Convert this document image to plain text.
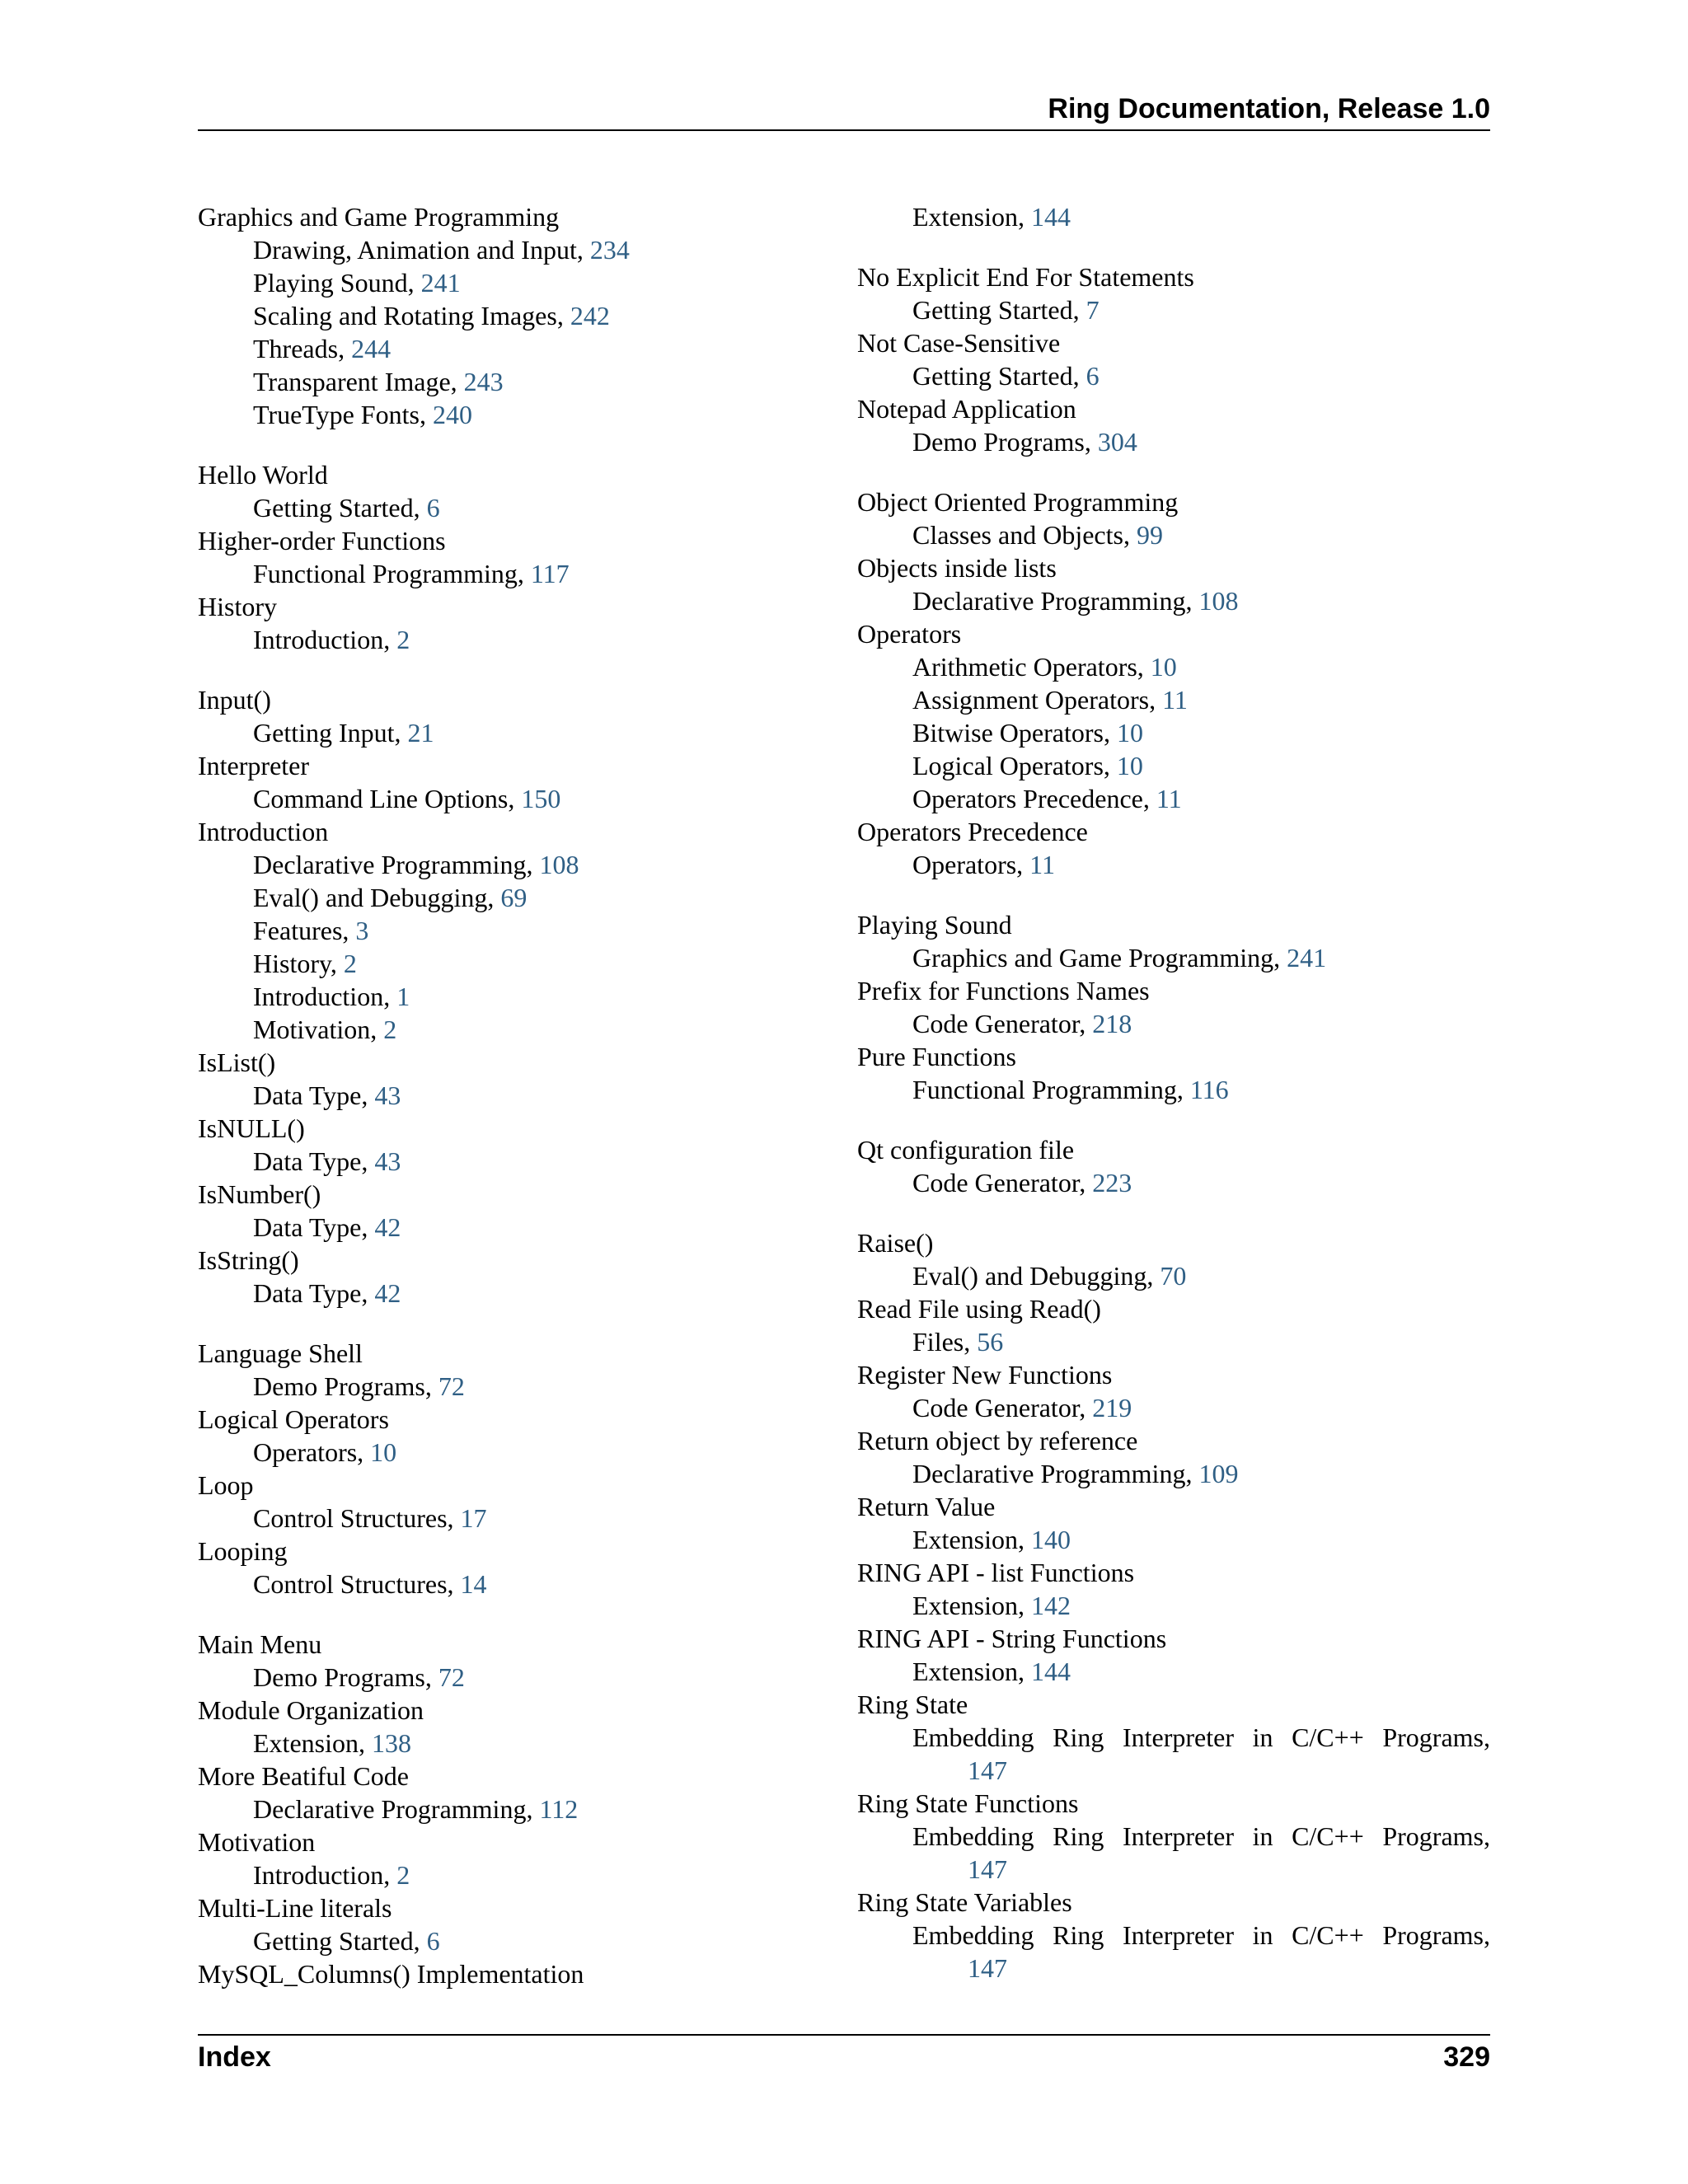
Ring Documentation, Release 1.0
Graphics and Game Programming
Drawing, Animation and Input, 234
Playing Sound, 241
Scaling and Rotating Images, 242
Threads, 244
Transparent Image, 243
TrueType Fonts, 240
Hello World
Getting Started, 6
Higher-order Functions
Functional Programming, 117
History
Introduction, 2
Input()
Getting Input, 21
Interpreter
Command Line Options, 150
Introduction
Declarative Programming, 108
Eval() and Debugging, 69
Features, 3
History, 2
Introduction, 1
Motivation, 2
IsList()
Data Type, 43
IsNULL()
Data Type, 43
IsNumber()
Data Type, 42
IsString()
Data Type, 42
Language Shell
Demo Programs, 72
Logical Operators
Operators, 10
Loop
Control Structures, 17
Looping
Control Structures, 14
Main Menu
Demo Programs, 72
Module Organization
Extension, 138
More Beatiful Code
Declarative Programming, 112
Motivation
Introduction, 2
Multi-Line literals
Getting Started, 6
MySQL_Columns() Implementation
Extension, 144
No Explicit End For Statements
Getting Started, 7
Not Case-Sensitive
Getting Started, 6
Notepad Application
Demo Programs, 304
Object Oriented Programming
Classes and Objects, 99
Objects inside lists
Declarative Programming, 108
Operators
Arithmetic Operators, 10
Assignment Operators, 11
Bitwise Operators, 10
Logical Operators, 10
Operators Precedence, 11
Operators Precedence
Operators, 11
Playing Sound
Graphics and Game Programming, 241
Prefix for Functions Names
Code Generator, 218
Pure Functions
Functional Programming, 116
Qt configuration file
Code Generator, 223
Raise()
Eval() and Debugging, 70
Read File using Read()
Files, 56
Register New Functions
Code Generator, 219
Return object by reference
Declarative Programming, 109
Return Value
Extension, 140
RING API - list Functions
Extension, 142
RING API - String Functions
Extension, 144
Ring State
Embedding Ring Interpreter in C/C++ Programs,
147
Ring State Functions
Embedding Ring Interpreter in C/C++ Programs,
147
Ring State Variables
Embedding Ring Interpreter in C/C++ Programs,
147
Index	329
